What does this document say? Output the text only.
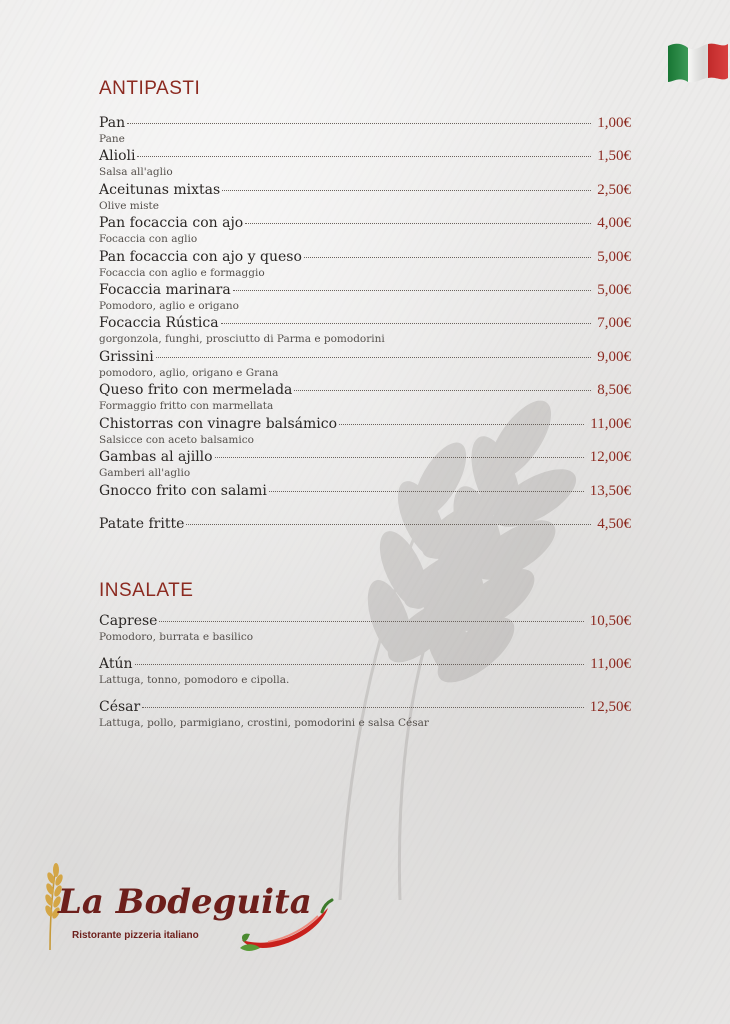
ANTIPASTI
Pan	1,00€
Pane
Alioli	1,50€
Salsa all'aglio
Aceitunas mixtas	2,50€
Olive miste
Pan focaccia con ajo	4,00€
Focaccia con aglio
Pan focaccia con ajo y queso	5,00€
Focaccia con aglio e formaggio
Focaccia marinara	5,00€
Pomodoro, aglio e origano
Focaccia Rústica	7,00€
gorgonzola, funghi, prosciutto di Parma e pomodorini
Grissini	9,00€
pomodoro, aglio, origano e Grana
Queso frito con mermelada	8,50€
Formaggio fritto con marmellata
Chistorras con vinagre balsámico	11,00€
Salsicce con aceto balsamico
Gambas al ajillo	12,00€
Gamberi all'aglio
Gnocco frito con salami	13,50€
Patate fritte	4,50€
INSALATE
Caprese	10,50€
Pomodoro, burrata e basilico
Atún	11,00€
Lattuga, tonno, pomodoro e cipolla.
César	12,50€
Lattuga, pollo, parmigiano, crostini, pomodorini e salsa César
La Bodeguita
Ristorante pizzeria italiano
